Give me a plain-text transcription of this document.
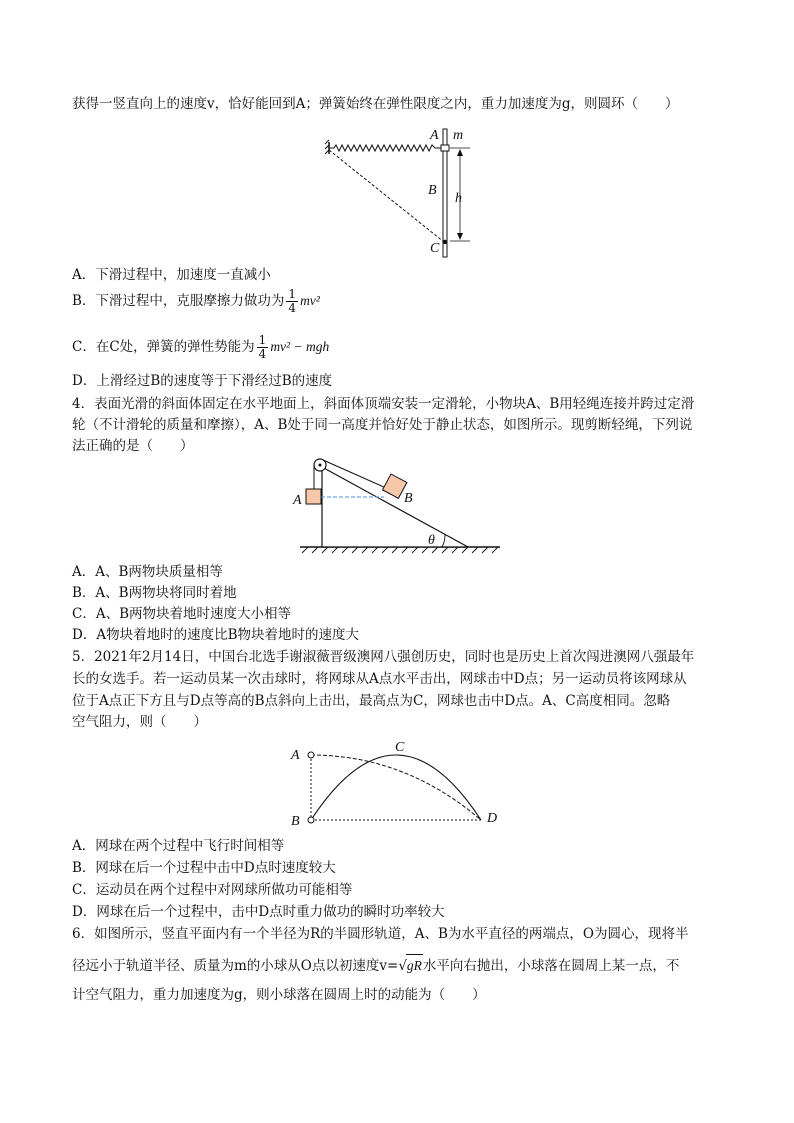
获得一竖直向上的速度v，恰好能回到A；弹簧始终在弹性限度之内，重力加速度为g，则圆环（　　）
A m
B
h
C
A．下滑过程中，加速度一直减小
B．下滑过程中，克服摩擦力做功为 $\frac{1}{4} mv^2$
C．在C处，弹簧的弹性势能为 $\frac{1}{4} mv^2$ − mgh
D．上滑经过B的速度等于下滑经过B的速度
4．表面光滑的斜面体固定在水平地面上，斜面体顶端安装一定滑轮，小物块A、B用轻绳连接并跨过定滑
轮（不计滑轮的质量和摩擦），A、B处于同一高度并恰好处于静止状态，如图所示。现剪断轻绳，下列说
法正确的是（　　）
A	B
θ
A．A、B两物块质量相等
B．A、B两物块将同时着地
C．A、B两物块着地时速度大小相等
D．A物块着地时的速度比B物块着地时的速度大
5．2021年2月14日，中国台北选手谢淑薇晋级澳网八强创历史，同时也是历史上首次闯进澳网八强最年
长的女选手。若一运动员某一次击球时，将网球从A点水平击出，网球击中D点；另一运动员将该网球从
位于A点正下方且与D点等高的B点斜向上击出，最高点为C，网球也击中D点。A、C高度相同。忽略
空气阻力，则（　　）
A
B
C
D
A．网球在两个过程中飞行时间相等
B．网球在后一个过程中击中D点时速度较大
C．运动员在两个过程中对网球所做功可能相等
D．网球在后一个过程中，击中D点时重力做功的瞬时功率较大
6．如图所示，竖直平面内有一个半径为R的半圆形轨道，A、B为水平直径的两端点，O为圆心，现将半
径远小于轨道半径、质量为m的小球从O点以初速度v=√gR水平向右抛出，小球落在圆周上某一点，不
计空气阻力，重力加速度为g，则小球落在圆周上时的动能为（　　）
